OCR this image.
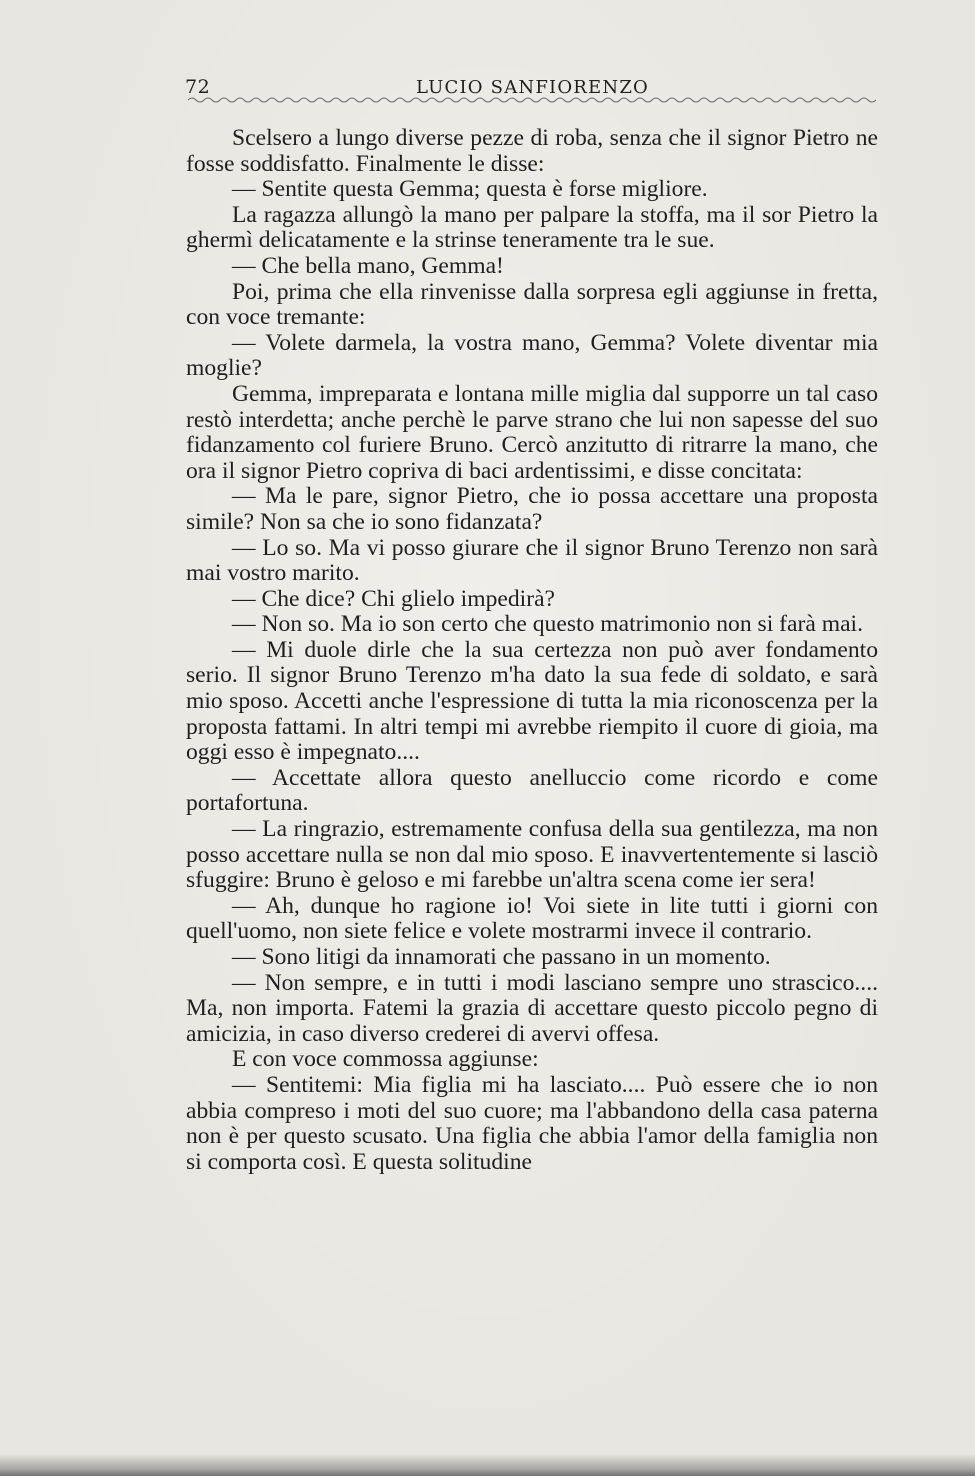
72	LUCIO SANFIORENZO

Scelsero a lungo diverse pezze di roba, senza che il signor Pietro ne fosse soddisfatto. Finalmente le disse:

— Sentite questa Gemma; questa è forse migliore.

La ragazza allungò la mano per palpare la stoffa, ma il sor Pietro la ghermì delicatamente e la strinse teneramente tra le sue.

— Che bella mano, Gemma!

Poi, prima che ella rinvenisse dalla sorpresa egli aggiunse in fretta, con voce tremante:

— Volete darmela, la vostra mano, Gemma? Volete diventar mia moglie?

Gemma, impreparata e lontana mille miglia dal supporre un tal caso restò interdetta; anche perchè le parve strano che lui non sapesse del suo fidanzamento col furiere Bruno. Cercò anzitutto di ritrarre la mano, che ora il signor Pietro copriva di baci ardentissimi, e disse concitata:

— Ma le pare, signor Pietro, che io possa accettare una proposta simile? Non sa che io sono fidanzata?

— Lo so. Ma vi posso giurare che il signor Bruno Terenzo non sarà mai vostro marito.

— Che dice? Chi glielo impedirà?

— Non so. Ma io son certo che questo matrimonio non si farà mai.

— Mi duole dirle che la sua certezza non può aver fondamento serio. Il signor Bruno Terenzo m'ha dato la sua fede di soldato, e sarà mio sposo. Accetti anche l'espressione di tutta la mia riconoscenza per la proposta fattami. In altri tempi mi avrebbe riempito il cuore di gioia, ma oggi esso è impegnato....

— Accettate allora questo anelluccio come ricordo e come portafortuna.

— La ringrazio, estremamente confusa della sua gentilezza, ma non posso accettare nulla se non dal mio sposo. E inavvertentemente si lasciò sfuggire: Bruno è geloso e mi farebbe un'altra scena come ier sera!

— Ah, dunque ho ragione io! Voi siete in lite tutti i giorni con quell'uomo, non siete felice e volete mostrarmi invece il contrario.

— Sono litigi da innamorati che passano in un momento.

— Non sempre, e in tutti i modi lasciano sempre uno strascico.... Ma, non importa. Fatemi la grazia di accettare questo piccolo pegno di amicizia, in caso diverso crederei di avervi offesa.

E con voce commossa aggiunse:

— Sentitemi: Mia figlia mi ha lasciato.... Può essere che io non abbia compreso i moti del suo cuore; ma l'abbandono della casa paterna non è per questo scusato. Una figlia che abbia l'amor della famiglia non si comporta così. E questa solitudine
